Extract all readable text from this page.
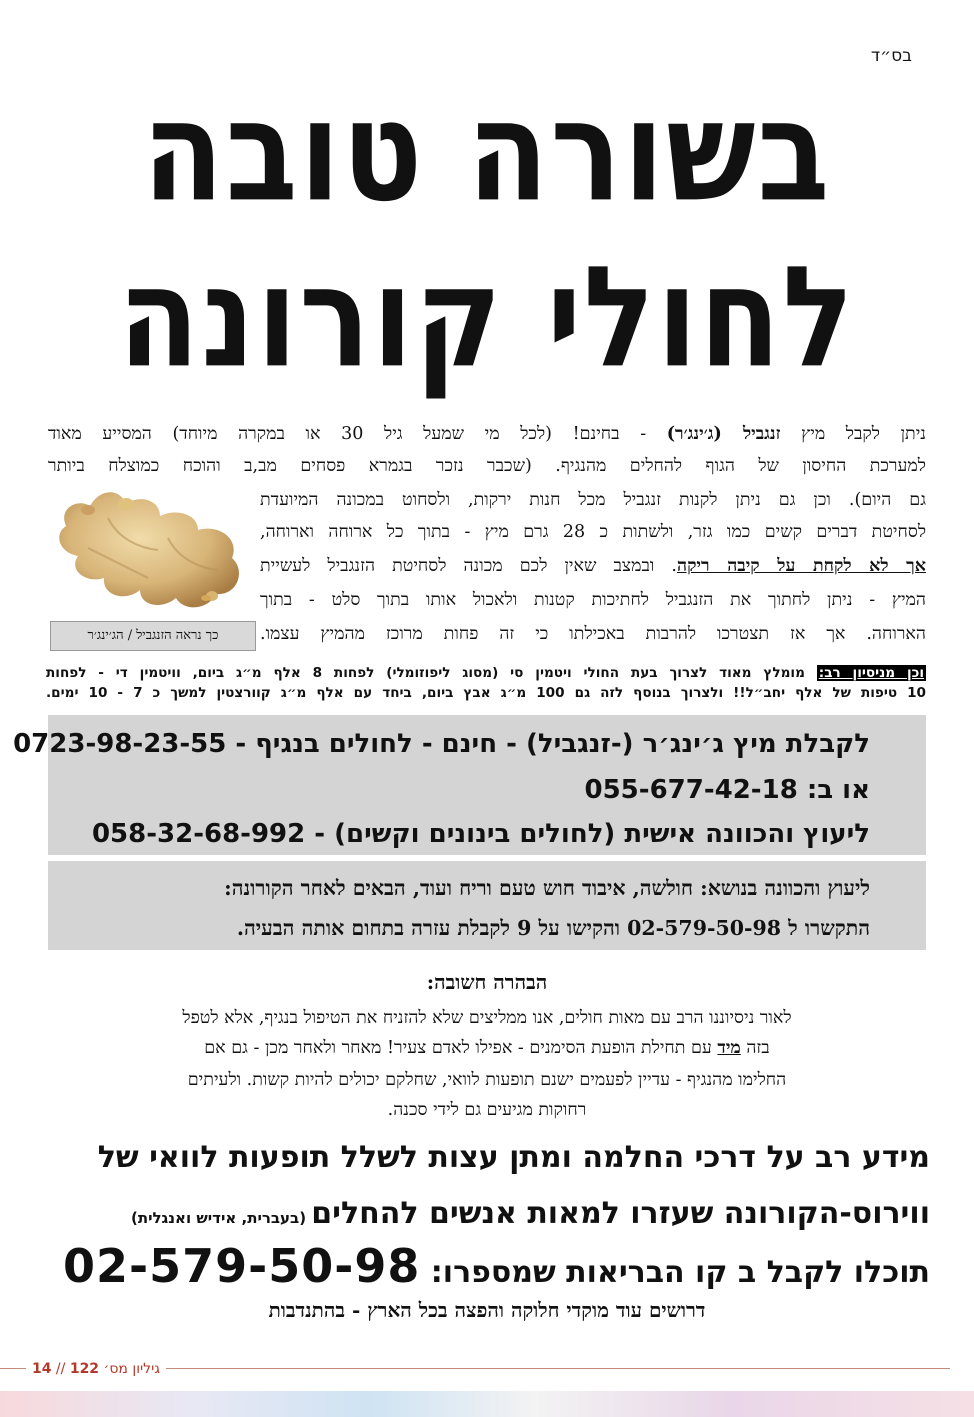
בס״ד
בשורה טובה
לחולי קורונה
ניתן לקבל מיץ זנגביל (ג׳ינג׳ר) - בחינם! (לכל מי שמעל גיל 30 או במקרה מיוחד) המסייע מאוד
למערכת החיסון של הגוף להחלים מהנגיף. (שכבר נזכר בגמרא פסחים מב,ב והוכח כמוצלח ביותר
גם היום). וכן גם ניתן לקנות זנגביל מכל חנות ירקות, ולסחוט במכונה המיועדת
לסחיטת דברים קשים כמו גזר, ולשתות כ 28 גרם מיץ - בתוך כל ארוחה וארוחה,
אך לא לקחת על קיבה ריקה. ובמצב שאין לכם מכונה לסחיטת הזנגביל לעשיית
המיץ - ניתן לחתוך את הזנגביל לחתיכות קטנות ולאכול אותו בתוך סלט - בתוך
הארוחה. אך אז תצטרכו להרבות באכילתו כי זה פחות מרוכז מהמיץ עצמו.
כך נראה הזנגביל / הג׳ינג׳ר
וכן מניסיון רב: מומלץ מאוד לצרוך בעת החולי ויטמין סי (מסוג ליפוזומלי) לפחות 8 אלף מ״ג ביום, וויטמין די - לפחות
10 טיפות של אלף יחב״ל!! ולצרוך בנוסף לזה גם 100 מ״ג אבץ ביום, ביחד עם אלף מ״ג קוורצטין למשך כ 7 - 10 ימים.
לקבלת מיץ ג׳ינג׳ר (-זנגביל) - חינם - לחולים בנגיף - 0723-98-23-55
או ב: 055-677-42-18
ליעוץ והכוונה אישית (לחולים בינונים וקשים) - 058-32-68-992
ליעוץ והכוונה בנושא: חולשה, איבוד חוש טעם וריח ועוד, הבאים לאחר הקורונה:
התקשרו ל 02-579-50-98 והקישו על 9 לקבלת עזרה בתחום אותה הבעיה.
הבהרה חשובה:
לאור ניסיוננו הרב עם מאות חולים, אנו ממליצים שלא להזניח את הטיפול בנגיף, אלא לטפל
בזה מיד עם תחילת הופעת הסימנים - אפילו לאדם צעיר! מאחר ולאחר מכן - גם אם
החלימו מהנגיף - עדיין לפעמים ישנם תופעות לוואי, שחלקם יכולים להיות קשות. ולעיתים
רחוקות מגיעים גם לידי סכנה.
מידע רב על דרכי החלמה ומתן עצות לשלל תופעות לוואי של
ווירוס-הקורונה שעזרו למאות אנשים להחלים (בעברית, אידיש ואנגלית)
תוכלו לקבל ב קו הבריאות שמספרו: 02-579-50-98
דרושים עוד מוקדי חלוקה והפצה בכל הארץ - בהתנדבות
גיליון מס׳ 122 // 14
